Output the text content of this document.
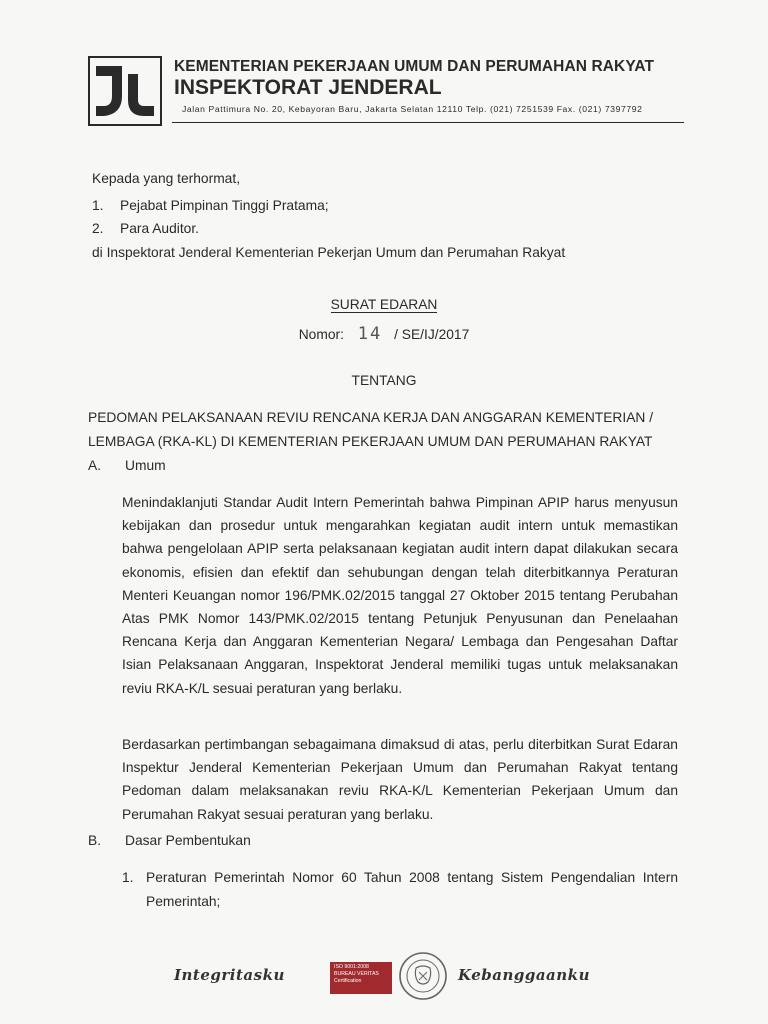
KEMENTERIAN PEKERJAAN UMUM DAN PERUMAHAN RAKYAT
INSPEKTORAT JENDERAL
Jalan Pattimura No. 20, Kebayoran Baru, Jakarta Selatan 12110 Telp. (021) 7251539 Fax. (021) 7397792
Kepada yang terhormat,
1.	Pejabat Pimpinan Tinggi Pratama;
2.	Para Auditor.
di Inspektorat Jenderal Kementerian Pekerjan Umum dan Perumahan Rakyat
SURAT EDARAN
Nomor: 14 / SE/IJ/2017
TENTANG
PEDOMAN PELAKSANAAN REVIU RENCANA KERJA DAN ANGGARAN KEMENTERIAN /
LEMBAGA (RKA-KL) DI KEMENTERIAN PEKERJAAN UMUM DAN PERUMAHAN RAKYAT
A.	Umum
Menindaklanjuti Standar Audit Intern Pemerintah bahwa Pimpinan APIP harus menyusun kebijakan dan prosedur untuk mengarahkan kegiatan audit intern untuk memastikan bahwa pengelolaan APIP serta pelaksanaan kegiatan audit intern dapat dilakukan secara ekonomis, efisien dan efektif dan sehubungan dengan telah diterbitkannya Peraturan Menteri Keuangan nomor 196/PMK.02/2015 tanggal 27 Oktober 2015 tentang Perubahan Atas PMK Nomor 143/PMK.02/2015 tentang Petunjuk Penyusunan dan Penelaahan Rencana Kerja dan Anggaran Kementerian Negara/ Lembaga dan Pengesahan Daftar Isian Pelaksanaan Anggaran, Inspektorat Jenderal memiliki tugas untuk melaksanakan reviu RKA-K/L sesuai peraturan yang berlaku.
Berdasarkan pertimbangan sebagaimana dimaksud di atas, perlu diterbitkan Surat Edaran Inspektur Jenderal Kementerian Pekerjaan Umum dan Perumahan Rakyat tentang Pedoman dalam melaksanakan reviu RKA-K/L Kementerian Pekerjaan Umum dan Perumahan Rakyat sesuai peraturan yang berlaku.
B.	Dasar Pembentukan
1. Peraturan Pemerintah Nomor 60 Tahun 2008 tentang Sistem Pengendalian Intern Pemerintah;
Integritasku	ISO 9001:2008
BUREAU VERITAS
Certification	Kebanggaanku
